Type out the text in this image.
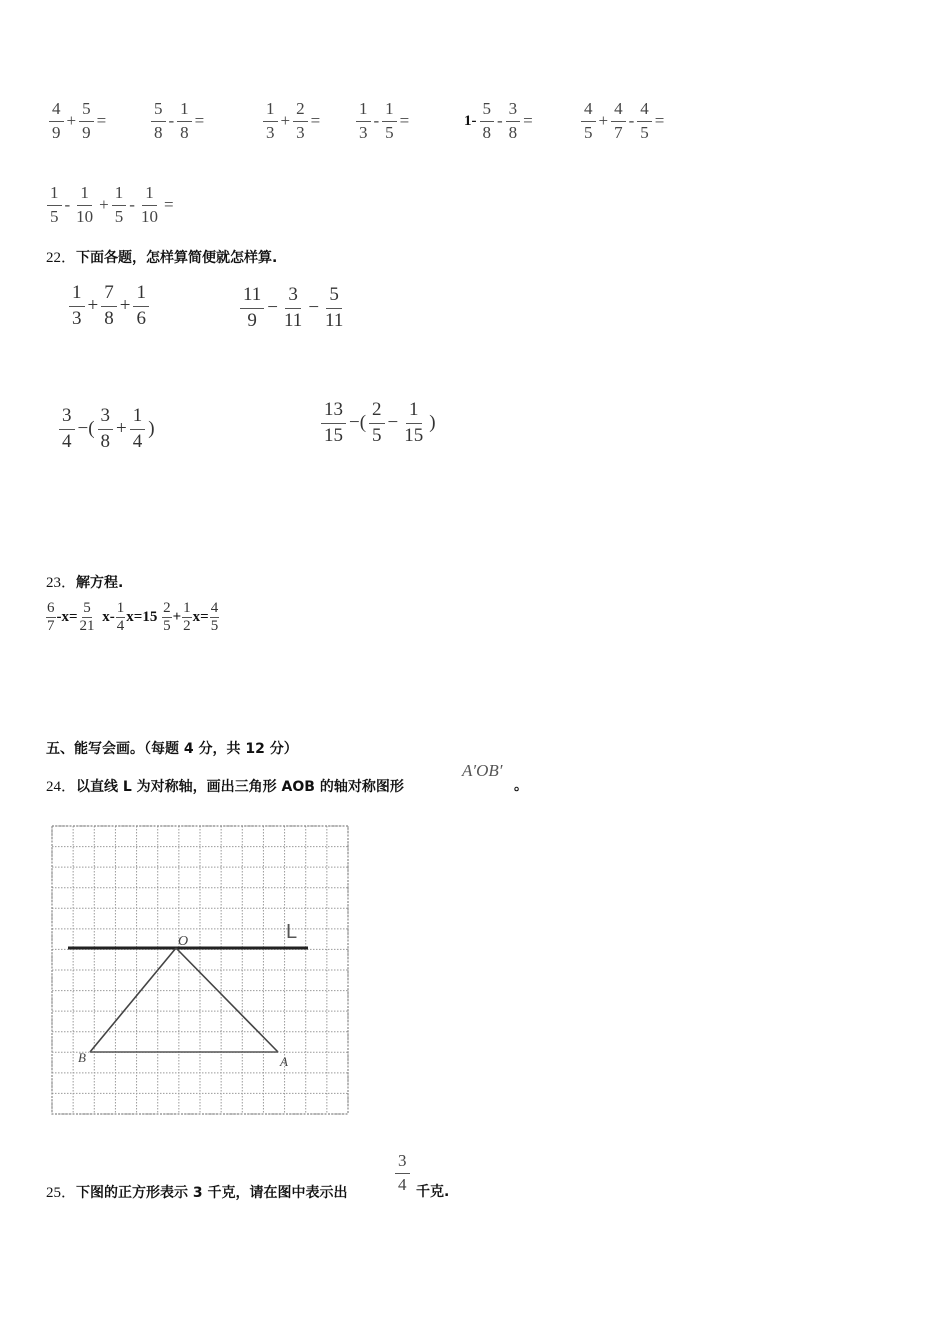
$\frac{4}{9} + \frac{5}{9}$ =	$\frac{5}{8} - \frac{1}{8}$ =	$\frac{1}{3} + \frac{2}{3} = \frac{1}{3} - \frac{1}{5}$ =	$1- \frac{5}{8} - \frac{3}{8}$ =	$\frac{4}{5} + \frac{4}{7} - \frac{4}{5}$ =
$\frac{1}{5} - \frac{1}{10} + \frac{1}{5} - \frac{1}{10}$ =
22．下面各题，怎样算简便就怎样算.
$\frac{1}{3} + \frac{7}{8} + \frac{1}{6}$	$\frac{11}{9} - \frac{3}{11} - \frac{5}{11}$
$\frac{3}{4}$ −( $\frac{3}{8} + \frac{1}{4}$ )	$\frac{13}{15}$ −( $\frac{2}{5} - \frac{1}{15}$ )
23．解方程.
$\frac{6}{7} -x= \frac{5}{21} x- \frac{1}{4} x=15 \frac{2}{5} + \frac{1}{2} x= \frac{4}{5}$
五、能写会画。（每题 4 分，共 12 分）
24．以直线 L 为对称轴，画出三角形 AOB 的轴对称图形
A′OB′
。
O	L
A
B
25．下图的正方形表示 3 千克，请在图中表示出	$\frac{3}{4}$ 千克.
